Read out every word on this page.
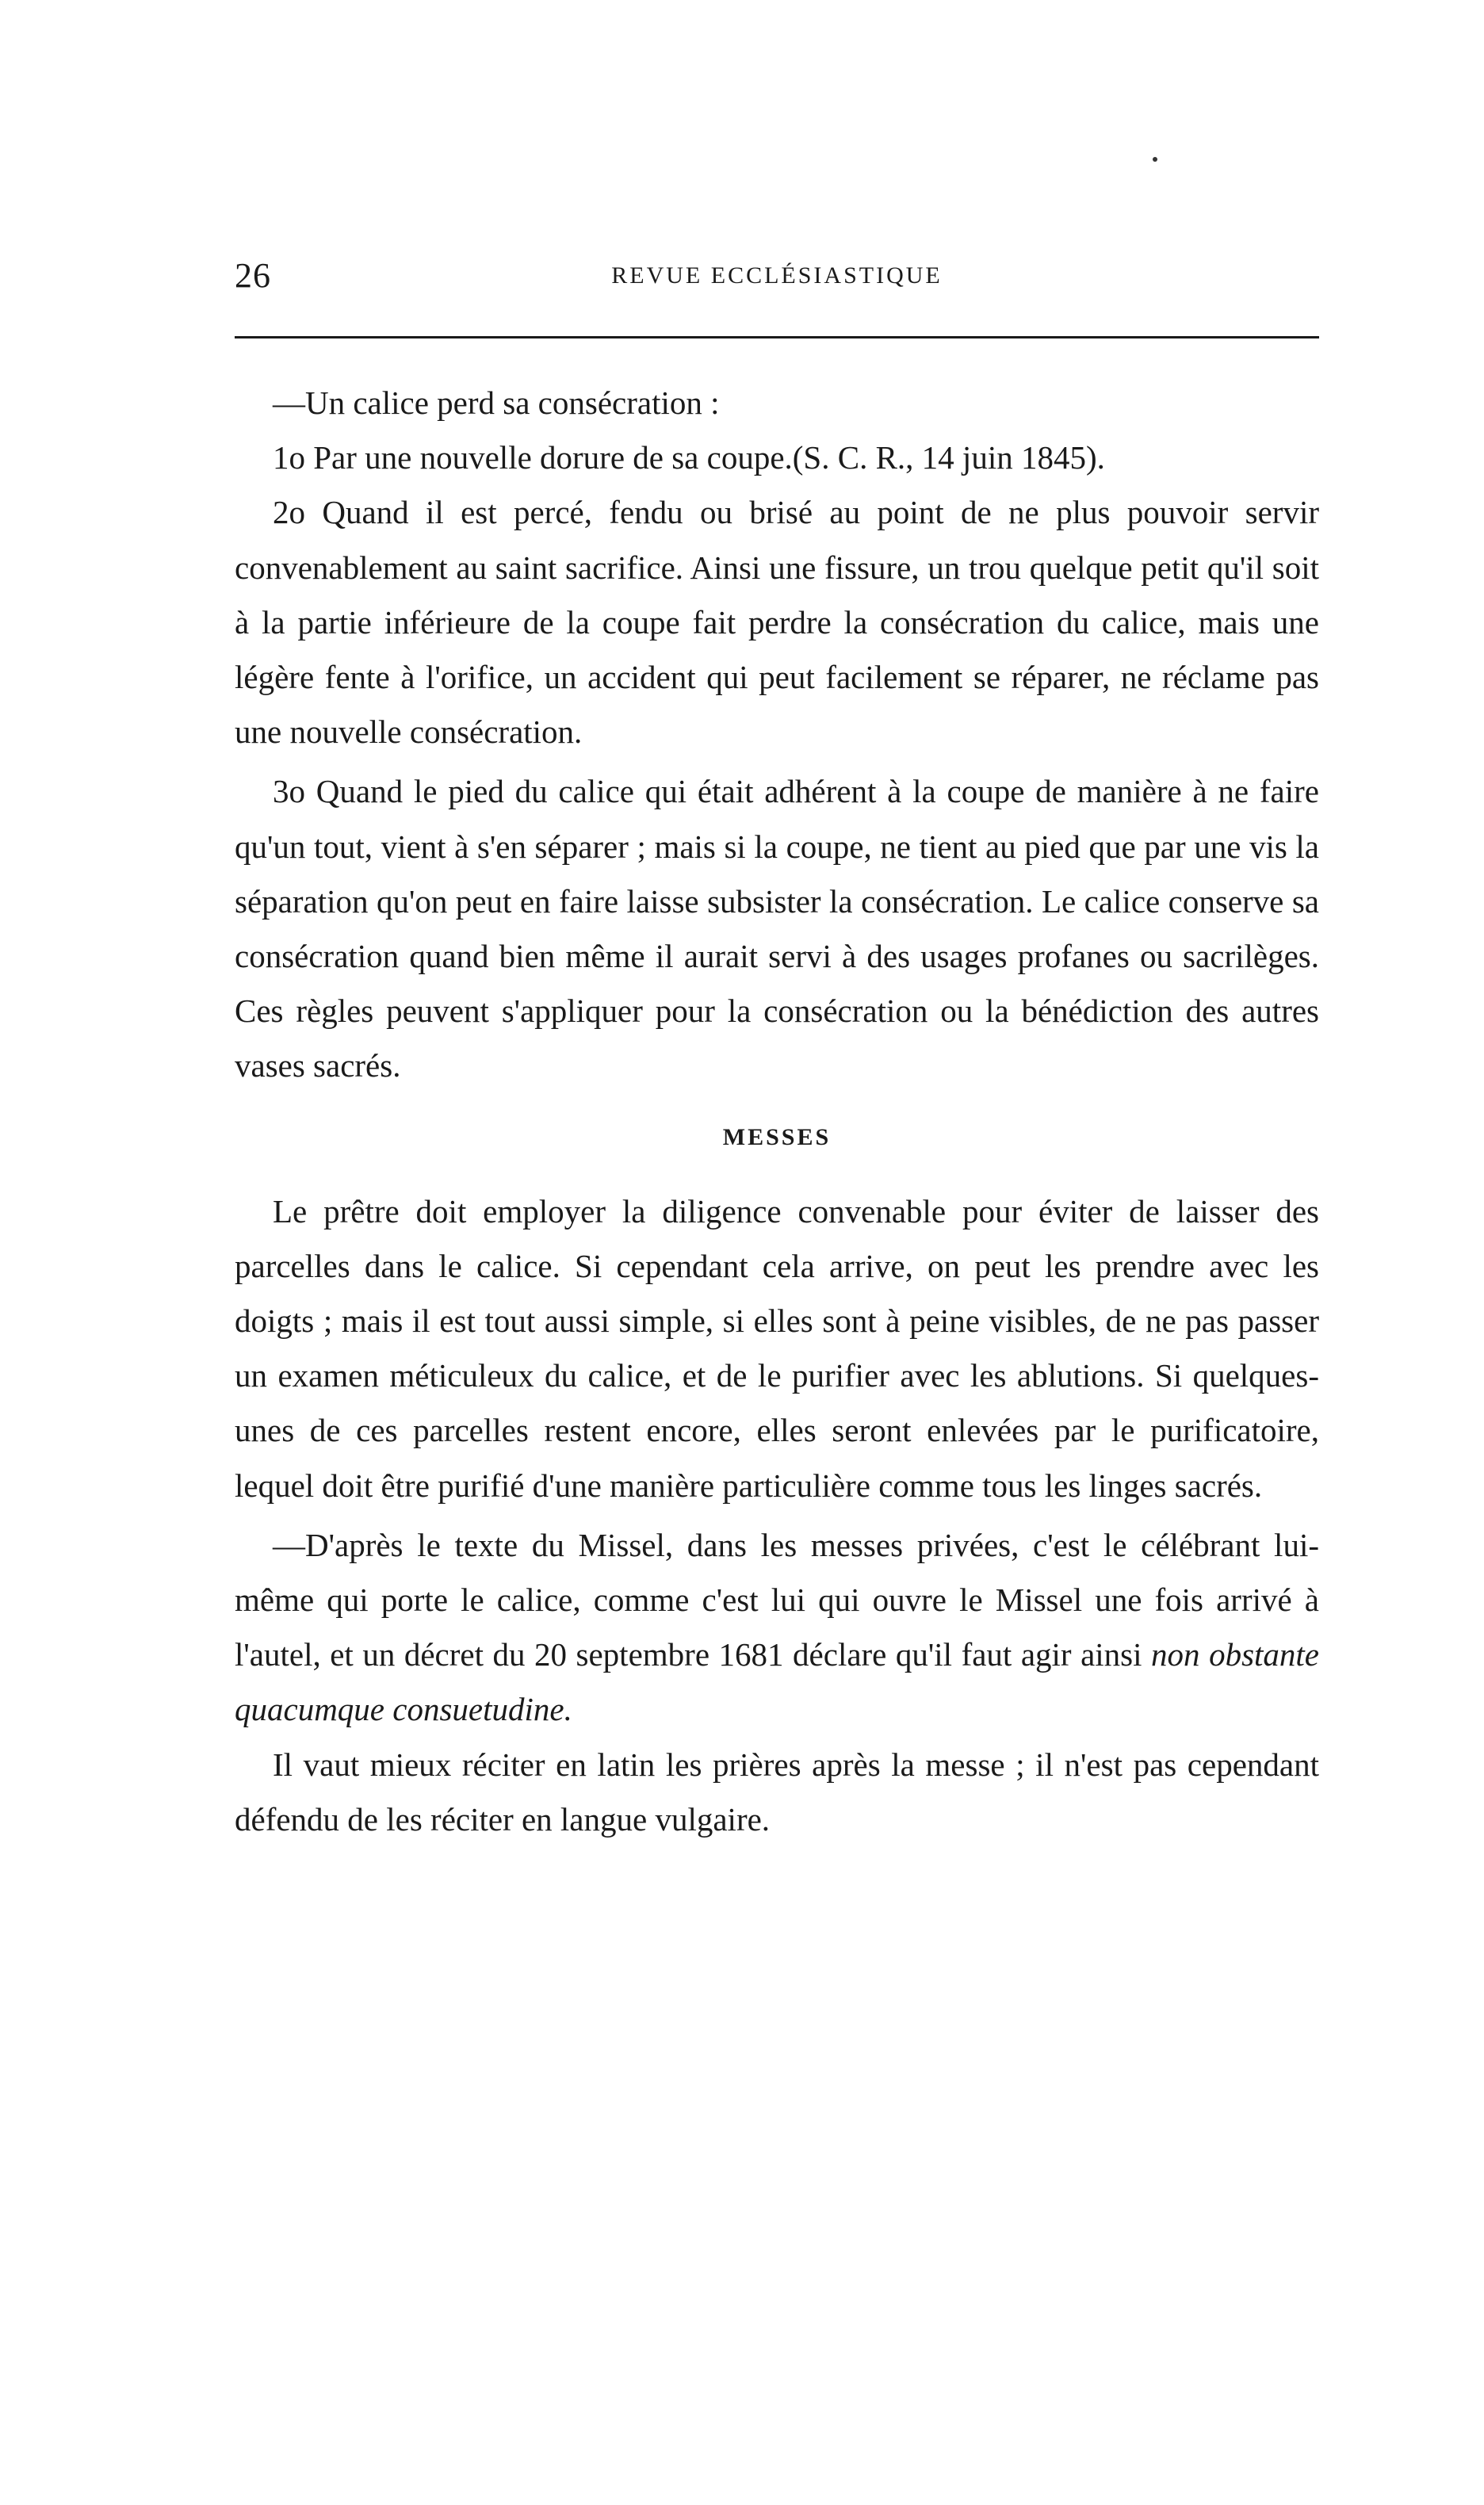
26	REVUE ECCLÉSIASTIQUE

—Un calice perd sa consécration :

1o Par une nouvelle dorure de sa coupe.(S. C. R., 14 juin 1845).

2o Quand il est percé, fendu ou brisé au point de ne plus pouvoir servir convenablement au saint sacrifice. Ainsi une fissure, un trou quelque petit qu'il soit à la partie inférieure de la coupe fait perdre la consécration du calice, mais une légère fente à l'orifice, un accident qui peut facilement se réparer, ne réclame pas une nouvelle consécration.

3o Quand le pied du calice qui était adhérent à la coupe de manière à ne faire qu'un tout, vient à s'en séparer ; mais si la coupe, ne tient au pied que par une vis la séparation qu'on peut en faire laisse subsister la consécration. Le calice conserve sa consécration quand bien même il aurait servi à des usages profanes ou sacrilèges. Ces règles peuvent s'appliquer pour la consécration ou la bénédiction des autres vases sacrés.

MESSES

Le prêtre doit employer la diligence convenable pour éviter de laisser des parcelles dans le calice. Si cependant cela arrive, on peut les prendre avec les doigts ; mais il est tout aussi simple, si elles sont à peine visibles, de ne pas passer un examen méticuleux du calice, et de le purifier avec les ablutions. Si quelques-unes de ces parcelles restent encore, elles seront enlevées par le purificatoire, lequel doit être purifié d'une manière particulière comme tous les linges sacrés.

—D'après le texte du Missel, dans les messes privées, c'est le célébrant lui-même qui porte le calice, comme c'est lui qui ouvre le Missel une fois arrivé à l'autel, et un décret du 20 septembre 1681 déclare qu'il faut agir ainsi non obstante quacumque consuetudine.

Il vaut mieux réciter en latin les prières après la messe ; il n'est pas cependant défendu de les réciter en langue vulgaire.
